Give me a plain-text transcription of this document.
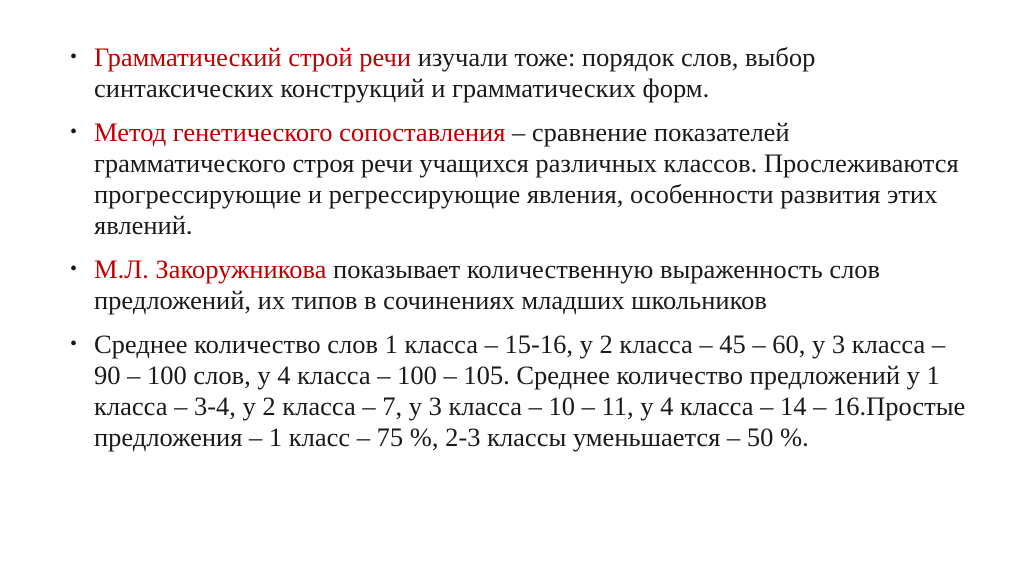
• Грамматический строй речи изучали тоже: порядок слов, выбор синтаксических конструкций и грамматических форм.
• Метод генетического сопоставления – сравнение показателей грамматического строя речи учащихся различных классов. Прослеживаются прогрессирующие и регрессирующие явления, особенности развития этих явлений.
• М.Л. Закоружникова показывает количественную выраженность слов предложений, их типов в сочинениях младших школьников
• Среднее количество слов 1 класса – 15-16, у 2 класса – 45 – 60, у 3 класса – 90 – 100 слов, у 4 класса – 100 – 105. Среднее количество предложений у 1 класса – 3-4, у 2 класса – 7, у 3 класса – 10 – 11, у 4 класса – 14 – 16.Простые предложения – 1 класс – 75 %, 2-3 классы уменьшается – 50 %.
